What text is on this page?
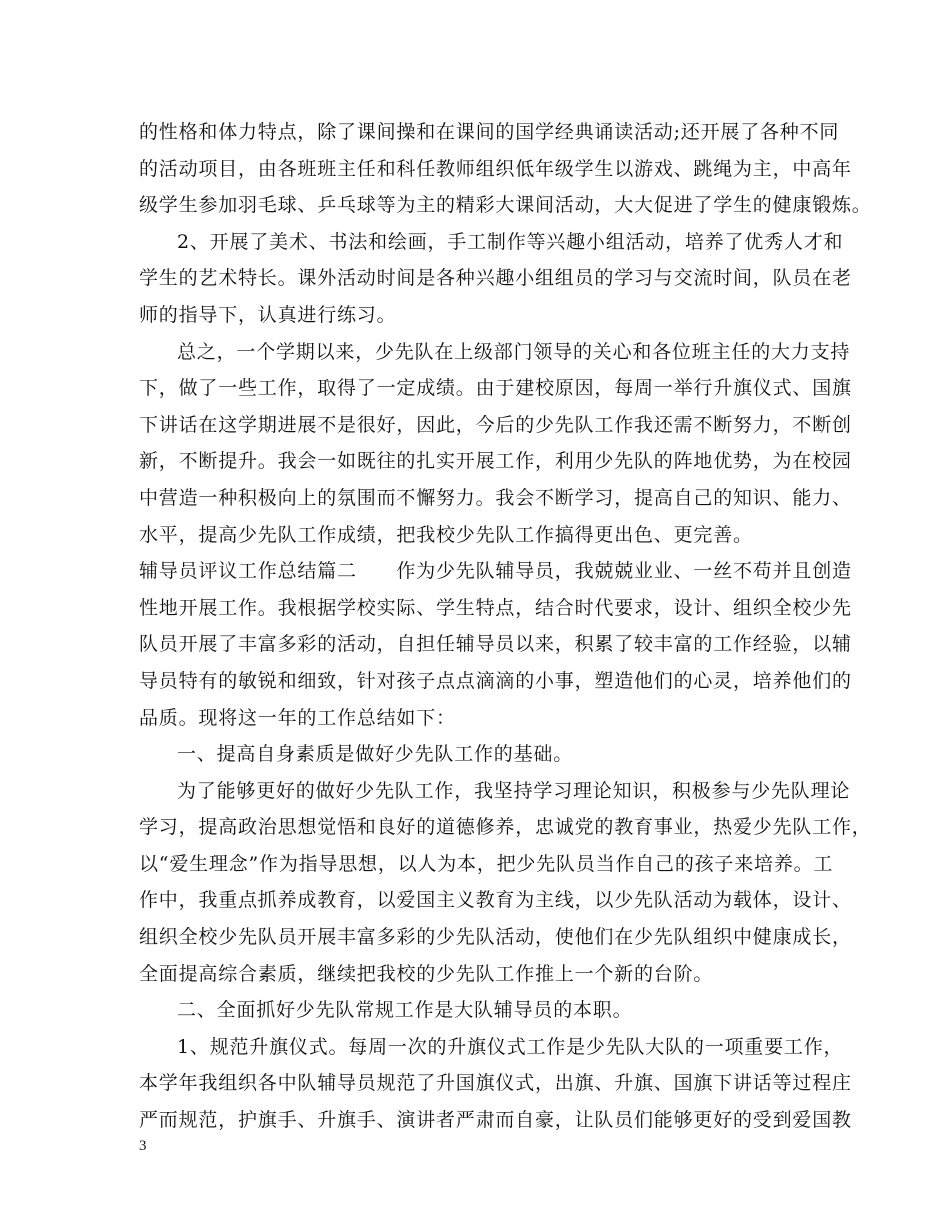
的性格和体力特点，除了课间操和在课间的国学经典诵读活动;还开展了各种不同
的活动项目，由各班班主任和科任教师组织低年级学生以游戏、跳绳为主，中高年
级学生参加羽毛球、乒乓球等为主的精彩大课间活动，大大促进了学生的健康锻炼。
2、开展了美术、书法和绘画，手工制作等兴趣小组活动，培养了优秀人才和
学生的艺术特长。课外活动时间是各种兴趣小组组员的学习与交流时间，队员在老
师的指导下，认真进行练习。
总之，一个学期以来，少先队在上级部门领导的关心和各位班主任的大力支持
下，做了一些工作，取得了一定成绩。由于建校原因，每周一举行升旗仪式、国旗
下讲话在这学期进展不是很好，因此，今后的少先队工作我还需不断努力，不断创
新，不断提升。我会一如既往的扎实开展工作，利用少先队的阵地优势，为在校园
中营造一种积极向上的氛围而不懈努力。我会不断学习，提高自己的知识、能力、
水平，提高少先队工作成绩，把我校少先队工作搞得更出色、更完善。
辅导员评议工作总结篇二　　作为少先队辅导员，我兢兢业业、一丝不苟并且创造
性地开展工作。我根据学校实际、学生特点，结合时代要求，设计、组织全校少先
队员开展了丰富多彩的活动，自担任辅导员以来，积累了较丰富的工作经验，以辅
导员特有的敏锐和细致，针对孩子点点滴滴的小事，塑造他们的心灵，培养他们的
品质。现将这一年的工作总结如下：
一、提高自身素质是做好少先队工作的基础。
为了能够更好的做好少先队工作，我坚持学习理论知识，积极参与少先队理论
学习，提高政治思想觉悟和良好的道德修养，忠诚党的教育事业，热爱少先队工作，
以“爱生理念”作为指导思想，以人为本，把少先队员当作自己的孩子来培养。工
作中，我重点抓养成教育，以爱国主义教育为主线，以少先队活动为载体，设计、
组织全校少先队员开展丰富多彩的少先队活动，使他们在少先队组织中健康成长，
全面提高综合素质，继续把我校的少先队工作推上一个新的台阶。
二、全面抓好少先队常规工作是大队辅导员的本职。
1、规范升旗仪式。每周一次的升旗仪式工作是少先队大队的一项重要工作，
本学年我组织各中队辅导员规范了升国旗仪式，出旗、升旗、国旗下讲话等过程庄
严而规范，护旗手、升旗手、演讲者严肃而自豪，让队员们能够更好的受到爱国教
3
